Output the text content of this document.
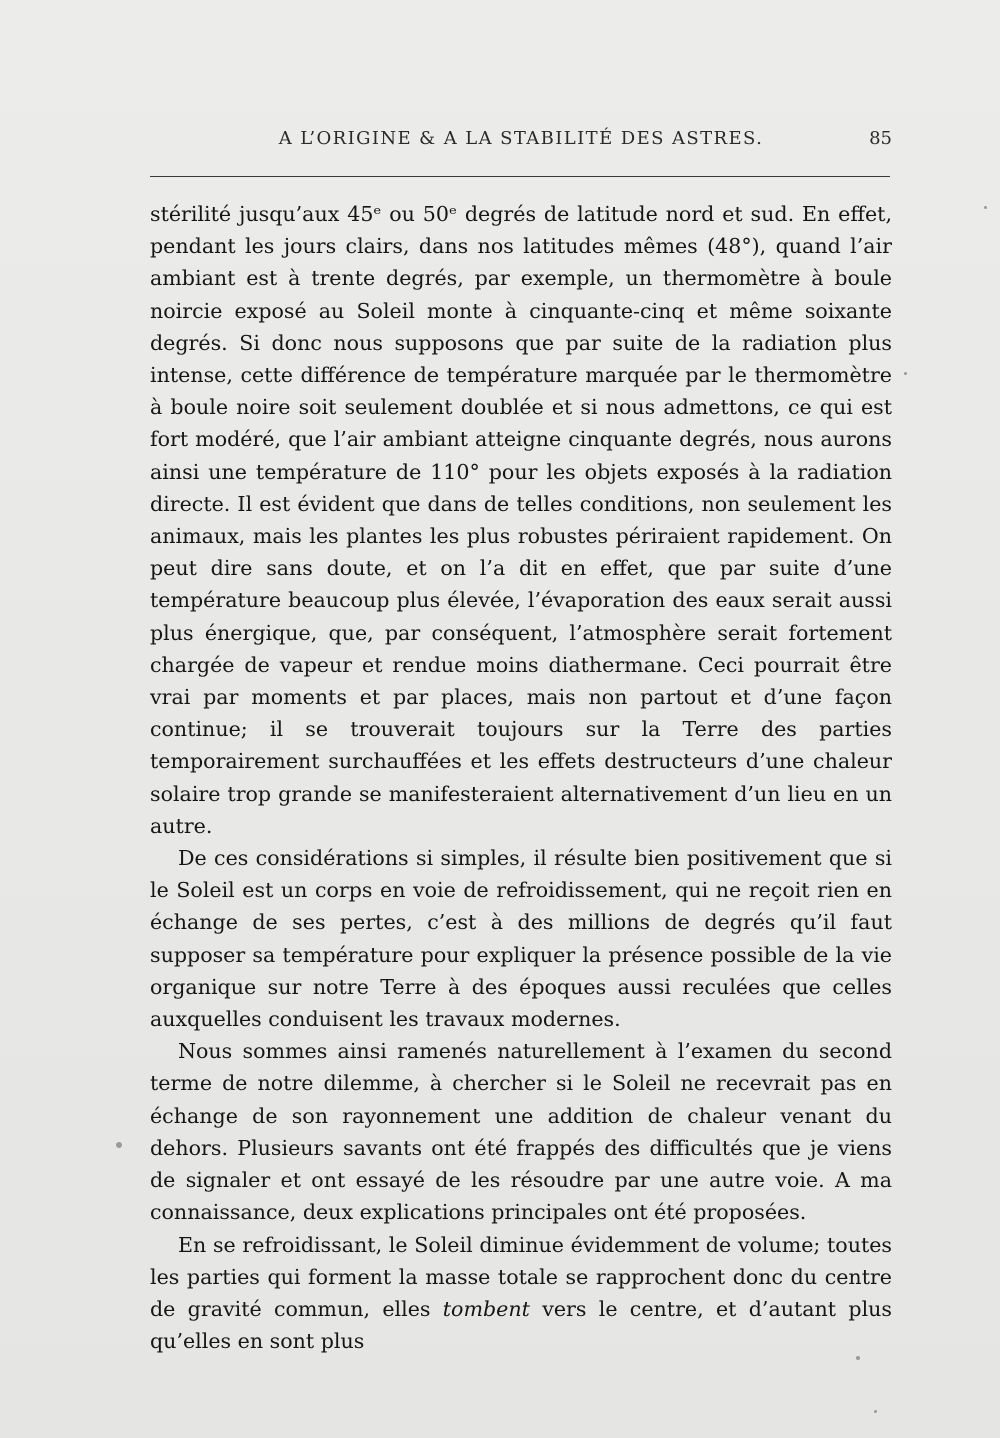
A L’ORIGINE & A LA STABILITÉ DES ASTRES.	85

stérilité jusqu’aux 45ᵉ ou 50ᵉ degrés de latitude nord et sud. En effet, pendant les jours clairs, dans nos latitudes mêmes (48°), quand l’air ambiant est à trente degrés, par exemple, un thermomètre à boule noircie exposé au Soleil monte à cinquante-cinq et même soixante degrés. Si donc nous supposons que par suite de la radiation plus intense, cette différence de température marquée par le thermomètre à boule noire soit seulement doublée et si nous admettons, ce qui est fort modéré, que l’air ambiant atteigne cinquante degrés, nous aurons ainsi une température de 110° pour les objets exposés à la radiation directe. Il est évident que dans de telles conditions, non seulement les animaux, mais les plantes les plus robustes périraient rapidement. On peut dire sans doute, et on l’a dit en effet, que par suite d’une température beaucoup plus élevée, l’évaporation des eaux serait aussi plus énergique, que, par conséquent, l’atmosphère serait fortement chargée de vapeur et rendue moins diathermane. Ceci pourrait être vrai par moments et par places, mais non partout et d’une façon continue; il se trouverait toujours sur la Terre des parties temporairement surchauffées et les effets destructeurs d’une chaleur solaire trop grande se manifesteraient alternativement d’un lieu en un autre.

De ces considérations si simples, il résulte bien positivement que si le Soleil est un corps en voie de refroidissement, qui ne reçoit rien en échange de ses pertes, c’est à des millions de degrés qu’il faut supposer sa température pour expliquer la présence possible de la vie organique sur notre Terre à des époques aussi reculées que celles auxquelles conduisent les travaux modernes.

Nous sommes ainsi ramenés naturellement à l’examen du second terme de notre dilemme, à chercher si le Soleil ne recevrait pas en échange de son rayonnement une addition de chaleur venant du dehors. Plusieurs savants ont été frappés des difficultés que je viens de signaler et ont essayé de les résoudre par une autre voie. A ma connaissance, deux explications principales ont été proposées.

En se refroidissant, le Soleil diminue évidemment de volume; toutes les parties qui forment la masse totale se rapprochent donc du centre de gravité commun, elles tombent vers le centre, et d’autant plus qu’elles en sont plus
